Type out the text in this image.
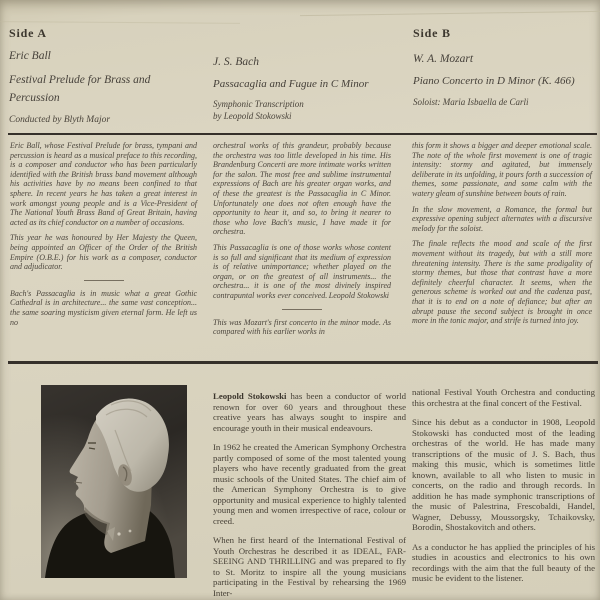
Side A
Eric Ball
Festival Prelude for Brass and Percussion
Conducted by Blyth Major
J. S. Bach
Passacaglia and Fugue in C Minor
Symphonic Transcription
by Leopold Stokowski
Side B
W. A. Mozart
Piano Concerto in D Minor (K. 466)
Soloist: Maria Isbaella de Carli

Eric Ball, whose Festival Prelude for brass, tympani and percussion is heard as a musical preface to this recording, is a composer and conductor who has been particularly identified with the British brass band movement although his activities have by no means been confined to that sphere. In recent years he has taken a great interest in work amongst young people and is a Vice-President of The National Youth Brass Band of Great Britain, having acted as its chief conductor on a number of occasions.

This year he was honoured by Her Majesty the Queen, being appointed an Officer of the Order of the British Empire (O.B.E.) for his work as a composer, conductor and adjudicator.

Bach's Passacaglia is in music what a great Gothic Cathedral is in architecture... the same vast conception... the same soaring mysticism given eternal form. He left us no

orchestral works of this grandeur, probably because the orchestra was too little developed in his time. His Brandenburg Concerti are more intimate works written for the salon. The most free and sublime instrumental expressions of Bach are his greater organ works, and of these the greatest is the Passacaglia in C Minor. Unfortunately one does not often enough have the opportunity to hear it, and so, to bring it nearer to those who love Bach's music, I have made it for orchestra.

This Passacaglia is one of those works whose content is so full and significant that its medium of expression is of relative unimportance; whether played on the organ, or on the greatest of all instruments... the orchestra... it is one of the most divinely inspired contrapuntal works ever conceived. Leopold Stokowski

This was Mozart's first concerto in the minor mode. As compared with his earlier works in

this form it shows a bigger and deeper emotional scale. The note of the whole first movement is one of tragic intensity: stormy and agitated, but immensely deliberate in its unfolding, it pours forth a succession of themes, some passionate, and some calm with the watery gleam of sunshine between bouts of rain.

In the slow movement, a Romance, the formal but expressive opening subject alternates with a discursive melody for the soloist.

The finale reflects the mood and scale of the first movement without its tragedy, but with a still more threatening intensity. There is the same prodigality of stormy themes, but those that contrast have a more definitely cheerful character. It seems, when the generous scheme is worked out and the cadenza past, that it is to end on a note of defiance; but after an abrupt pause the second subject is brought in once more in the tonic major, and strife is turned into joy.

Leopold Stokowski has been a conductor of world renown for over 60 years and throughout these creative years has always sought to inspire and encourage youth in their musical endeavours.

In 1962 he created the American Symphony Orchestra partly composed of some of the most talented young players who have recently graduated from the great music schools of the United States. The chief aim of the American Symphony Orchestra is to give opportunity and musical experience to highly talented young men and women irrespective of race, colour or creed.

When he first heard of the International Festival of Youth Orchestras he described it as IDEAL, FAR-SEEING AND THRILLING and was prepared to fly to St. Moritz to inspire all the young musicians participating in the Festival by rehearsing the 1969 Inter-

national Festival Youth Orchestra and conducting this orchestra at the final concert of the Festival.

Since his debut as a conductor in 1908, Leopold Stokowski has conducted most of the leading orchestras of the world. He has made many transcriptions of the music of J. S. Bach, thus making this music, which is sometimes little known, available to all who listen to music in concerts, on the radio and through records. In addition he has made symphonic transcriptions of the music of Palestrina, Frescobaldi, Handel, Wagner, Debussy, Moussorgsky, Tchaikovsky, Borodin, Shostakovitch and others.

As a conductor he has applied the principles of his studies in acoustics and electronics to his own recordings with the aim that the full beauty of the music be evident to the listener.
